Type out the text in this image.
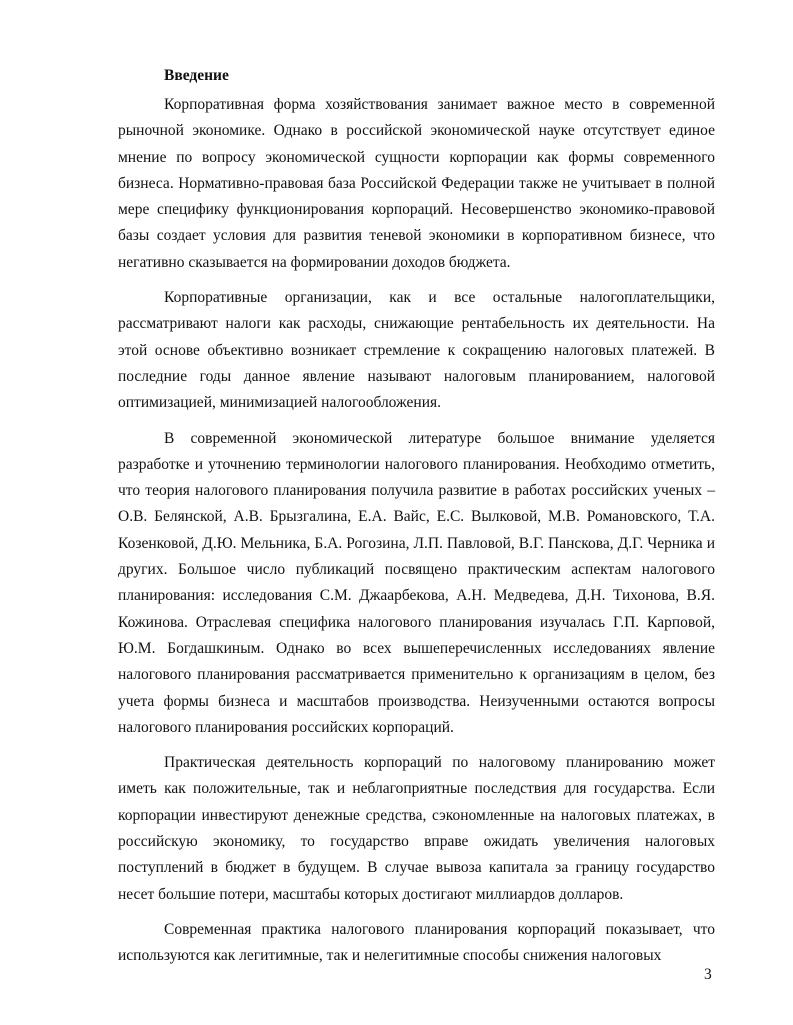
Введение

Корпоративная форма хозяйствования занимает важное место в современной рыночной экономике. Однако в российской экономической науке отсутствует единое мнение по вопросу экономической сущности корпорации как формы современного бизнеса. Нормативно-правовая база Российской Федерации также не учитывает в полной мере специфику функционирования корпораций. Несовершенство экономико-правовой базы создает условия для развития теневой экономики в корпоративном бизнесе, что негативно сказывается на формировании доходов бюджета.

Корпоративные организации, как и все остальные налогоплательщики, рассматривают налоги как расходы, снижающие рентабельность их деятельности. На этой основе объективно возникает стремление к сокращению налоговых платежей. В последние годы данное явление называют налоговым планированием, налоговой оптимизацией, минимизацией налогообложения.

В современной экономической литературе большое внимание уделяется разработке и уточнению терминологии налогового планирования. Необходимо отметить, что теория налогового планирования получила развитие в работах российских ученых – О.В. Белянской, А.В. Брызгалина, Е.А. Вайс, Е.С. Вылковой, М.В. Романовского, Т.А. Козенковой, Д.Ю. Мельника, Б.А. Рогозина, Л.П. Павловой, В.Г. Панскова, Д.Г. Черника и других. Большое число публикаций посвящено практическим аспектам налогового планирования: исследования С.М. Джаарбекова, А.Н. Медведева, Д.Н. Тихонова, В.Я. Кожинова. Отраслевая специфика налогового планирования изучалась Г.П. Карповой, Ю.М. Богдашкиным. Однако во всех вышеперечисленных исследованиях явление налогового планирования рассматривается применительно к организациям в целом, без учета формы бизнеса и масштабов производства. Неизученными остаются вопросы налогового планирования российских корпораций.

Практическая деятельность корпораций по налоговому планированию может иметь как положительные, так и неблагоприятные последствия для государства. Если корпорации инвестируют денежные средства, сэкономленные на налоговых платежах, в российскую экономику, то государство вправе ожидать увеличения налоговых поступлений в бюджет в будущем. В случае вывоза капитала за границу государство несет большие потери, масштабы которых достигают миллиардов долларов.

Современная практика налогового планирования корпораций показывает, что используются как легитимные, так и нелегитимные способы снижения налоговых

3
